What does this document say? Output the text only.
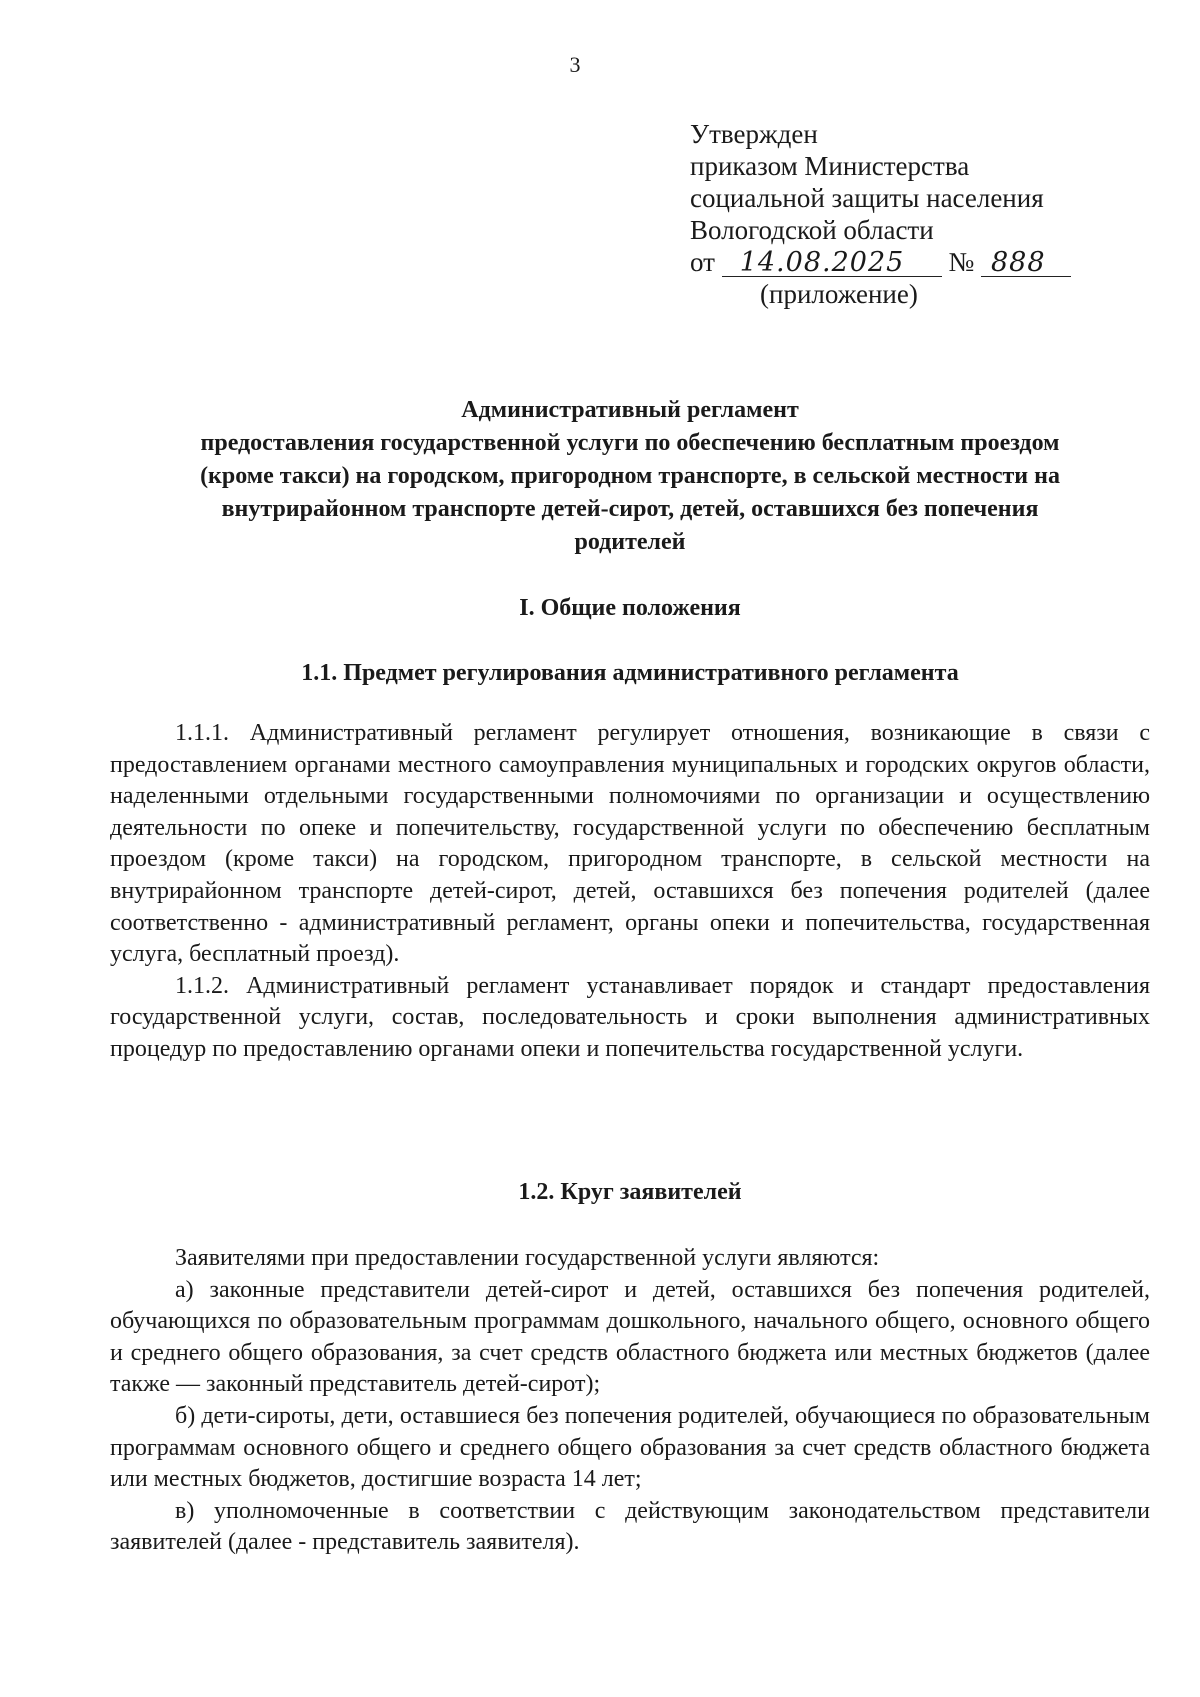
3
Утвержден
приказом Министерства
социальной защиты населения
Вологодской области
от 14.08.2025 № 888
(приложение)
Административный регламент
предоставления государственной услуги по обеспечению бесплатным проездом
(кроме такси) на городском, пригородном транспорте, в сельской местности на
внутрирайонном транспорте детей-сирот, детей, оставшихся без попечения
родителей
I. Общие положения
1.1. Предмет регулирования административного регламента

1.1.1. Административный регламент регулирует отношения, возникающие в связи с предоставлением органами местного самоуправления муниципальных и городских округов области, наделенными отдельными государственными полномочиями по организации и осуществлению деятельности по опеке и попечительству, государственной услуги по обеспечению бесплатным проездом (кроме такси) на городском, пригородном транспорте, в сельской местности на внутрирайонном транспорте детей-сирот, детей, оставшихся без попечения родителей (далее соответственно - административный регламент, органы опеки и попечительства, государственная услуга, бесплатный проезд).

1.1.2. Административный регламент устанавливает порядок и стандарт предоставления государственной услуги, состав, последовательность и сроки выполнения административных процедур по предоставлению органами опеки и попечительства государственной услуги.

1.2. Круг заявителей

Заявителями при предоставлении государственной услуги являются:

а) законные представители детей-сирот и детей, оставшихся без попечения родителей, обучающихся по образовательным программам дошкольного, начального общего, основного общего и среднего общего образования, за счет средств областного бюджета или местных бюджетов (далее также — законный представитель детей-сирот);

б) дети-сироты, дети, оставшиеся без попечения родителей, обучающиеся по образовательным программам основного общего и среднего общего образования за счет средств областного бюджета или местных бюджетов, достигшие возраста 14 лет;

в) уполномоченные в соответствии с действующим законодательством представители заявителей (далее - представитель заявителя).
